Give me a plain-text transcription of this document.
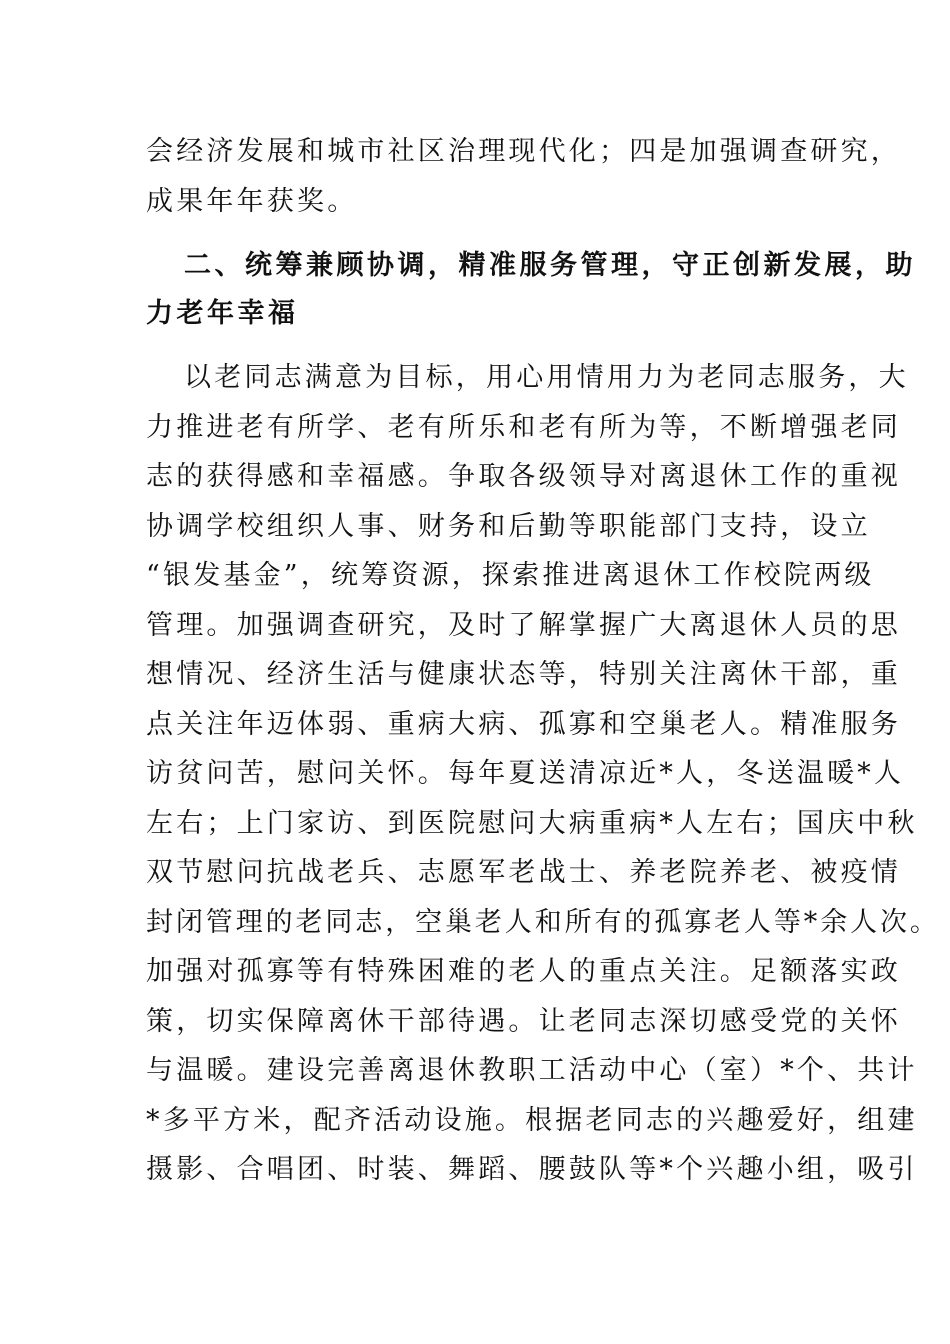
会经济发展和城市社区治理现代化；四是加强调查研究，
成果年年获奖。
二、统筹兼顾协调，精准服务管理，守正创新发展，助
力老年幸福
以老同志满意为目标，用心用情用力为老同志服务，大
力推进老有所学、老有所乐和老有所为等，不断增强老同
志的获得感和幸福感。争取各级领导对离退休工作的重视
协调学校组织人事、财务和后勤等职能部门支持，设立
“银发基金”，统筹资源，探索推进离退休工作校院两级
管理。加强调查研究，及时了解掌握广大离退休人员的思
想情况、经济生活与健康状态等，特别关注离休干部，重
点关注年迈体弱、重病大病、孤寡和空巢老人。精准服务
访贫问苦，慰问关怀。每年夏送清凉近*人，冬送温暖*人
左右；上门家访、到医院慰问大病重病*人左右；国庆中秋
双节慰问抗战老兵、志愿军老战士、养老院养老、被疫情
封闭管理的老同志，空巢老人和所有的孤寡老人等*余人次。
加强对孤寡等有特殊困难的老人的重点关注。足额落实政
策，切实保障离休干部待遇。让老同志深切感受党的关怀
与温暖。建设完善离退休教职工活动中心（室）*个、共计
*多平方米，配齐活动设施。根据老同志的兴趣爱好，组建
摄影、合唱团、时装、舞蹈、腰鼓队等*个兴趣小组，吸引
